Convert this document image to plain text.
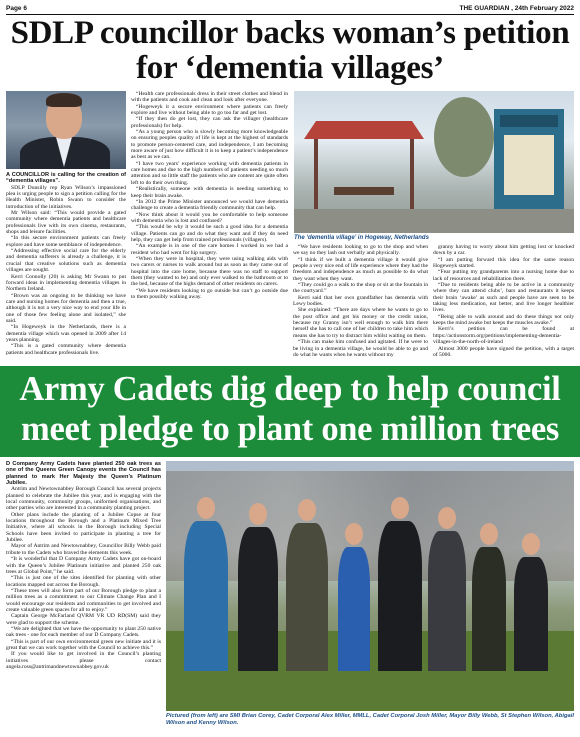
Page 6	THE GUARDIAN , 24th February 2022
SDLP councillor backs woman’s petition for ‘dementia villages’

A COUNCILLOR is calling for the creation of “dementia villages”.

SDLP Dunsilly rep Ryan Wilson’s impassioned plea is urging people to sign a petition calling for the Health Minister, Robin Swann to consider the introduction of the initiatives.

Mr Wilson said: “This would provide a gated community where dementia patients and healthcare professionals live with its own cinema, restaurants, shops and leisure facilities.

“In this secure environment patients can freely explore and have some semblance of independence.

“Addressing effective social care for the elderly and dementia sufferers is already a challenge, it is crucial that creative solutions such as dementia villages are sought.

Kerri Connolly (20) is asking Mr Swann to put forward ideas in implementing dementia villages in Northern Ireland.

“Brown was an ongoing to be thinking we have care and nursing homes for dementia and then a true, although it is not a very nice way to end your life in one of those few feeling alone and isolated,” she said.

“In Hogeweyk in the Netherlands, there is a dementia village which was opened in 2009 after 14 years planning.

“This is a gated community where dementia patients and healthcare professionals live.

“Health care professionals dress in their street clothes and blend in with the patients and cook and clean and look after everyone.

“Hogeweyk it a secure environment where patients can freely explore and live without being able to go too far and get lost.

“If they then do get lost, they can ask the villager (healthcare professionals) for help.

“As a young person who is slowly becoming more knowledgeable on ensuring peoples quality of life is kept at the highest of standards to promote person-centered care, and independence, I am becoming more aware of just how difficult it is to keep a patient’s independence as best as we can.

“I have two years’ experience working with dementia patients in care homes and due to the high numbers of patients needing so much attention and so little staff the patients who are content are quite often left to do their own thing.

“Realistically, someone with dementia is needing something to keep their brain awake.

“In 2012 the Prime Minister announced we would have dementia challenge to create a dementia friendly community that can help.

“Now think about it would you be comfortable to help someone with dementia who is lost and confused?

“This would be why it would be such a good idea for a dementia village. Patients can go and do what they want and if they do need help, they can get help from trained professionals (villagers).

“An example is in one of the care homes I worked in we had a resident who had went for hip surgery.

“When they were in hospital, they were using walking aids with two carers or nurses to walk around but as soon as they came out of hospital into the care home, because there was no staff to support them (they wanted to be) and only ever walked to the bathroom or to the bed, because of the highs demand of other residents on carers.

“We have residents looking to go outside but can’t go outside due to them possibly walking away.

The ‘dementia village’ in Hogeway, Netherlands

“We have residents looking to go to the shop and when we say no they lash out verbally and physically.

“I think if we built a dementia village it would give people a very nice end of life experience where they had the freedom and independence as much as possible to do what they want when they want.

“They could go a walk to the shop or sit at the fountain in the courtyard.”

Kerri said that her own grandfather has dementia with Lewy bodies.

She explained: “There are days where he wants to go to the post office and get his money or the credit union, because my Granny isn’t well enough to walk him there herself she has to call one of her children to take him which means she has to try to distract him whilst waiting on them.

“This can make him confused and agitated. If he were to be living in a dementia village, he would be able to go and do what he wants when he wants without my

granny having to worry about him getting lost or knocked down by a car.

“I am putting forward this idea for the same reason Hogeweyk started.

“Fear putting my grandparents into a nursing home due to lack of resources and rehabilitation there.

“Due to residents being able to be active in a community where they can attend clubs’, bars and restaurants it keeps their brain ‘awake’ as such and people have are seen to be taking less medication, eat better, and live longer healthier lives.

“Being able to walk around and do these things not only keeps the mind awake but keeps the muscles awake.”

Kerri’s petition can be found at https://actionstorm.org/petitions/implementing-dementia-villages-in-the-north-of-ireland

Almost 3000 people have signed the petition, with a target of 5000.

Army Cadets dig deep to help council meet pledge to plant one million trees

D Company Army Cadets have planted 250 oak trees as one of the Queens Green Canopy events the Council has planned to mark Her Majesty the Queen’s Platinum Jubilee.

Antrim and Newtownabbey Borough Council has several projects planned to celebrate the Jubilee this year, and is engaging with the local community, community groups, uniformed organisations, and other parties who are interested in a community planting project.

Other plans include the planting of a Jubilee Copse at four locations throughout the Borough and a Platinum Mixed Tree Initiative, where all schools in the Borough including Special Schools have been invited to participate in planting a tree for Jubilee.

Mayor of Antrim and Newtownabbey, Councillor Billy Webb paid tribute to the Cadets who braved the elements this week.

“It is wonderful that D Company Army Cadets have got on-board with the Queen’s Jubilee Platinum initiative and planted 250 oak trees at Global Point,” he said.

“This is just one of the sites identified for planting with other locations mapped out across the Borough.

“These trees will also form part of our Borough pledge to plant a million trees as a commitment to our Climate Change Plan and I would encourage our residents and communities to get involved and create valuable green spaces for all to enjoy.”

Captain George McFarland QVRM VR UD RD(SM) said they were glad to support the scheme.

“We are delighted that we have the opportunity to plant 250 native oak trees - one for each member of our D Company Cadets.

“This is part of our own environmental green new initiate and it is great that we can work together with the Council to achieve this.”

If you would like to get involved in the Council’s planting initiatives please contact angela.ross@antrimandnewtownabbey.gov.uk

Pictured (from left) are SMI Brian Corey, Cadet Corporal Alex Miller, MMLL, Cadet Corporal Josh Miller, Mayor Billy Webb, St Stephen Wilson, Abigail Wilson and Kenny Wilson.
